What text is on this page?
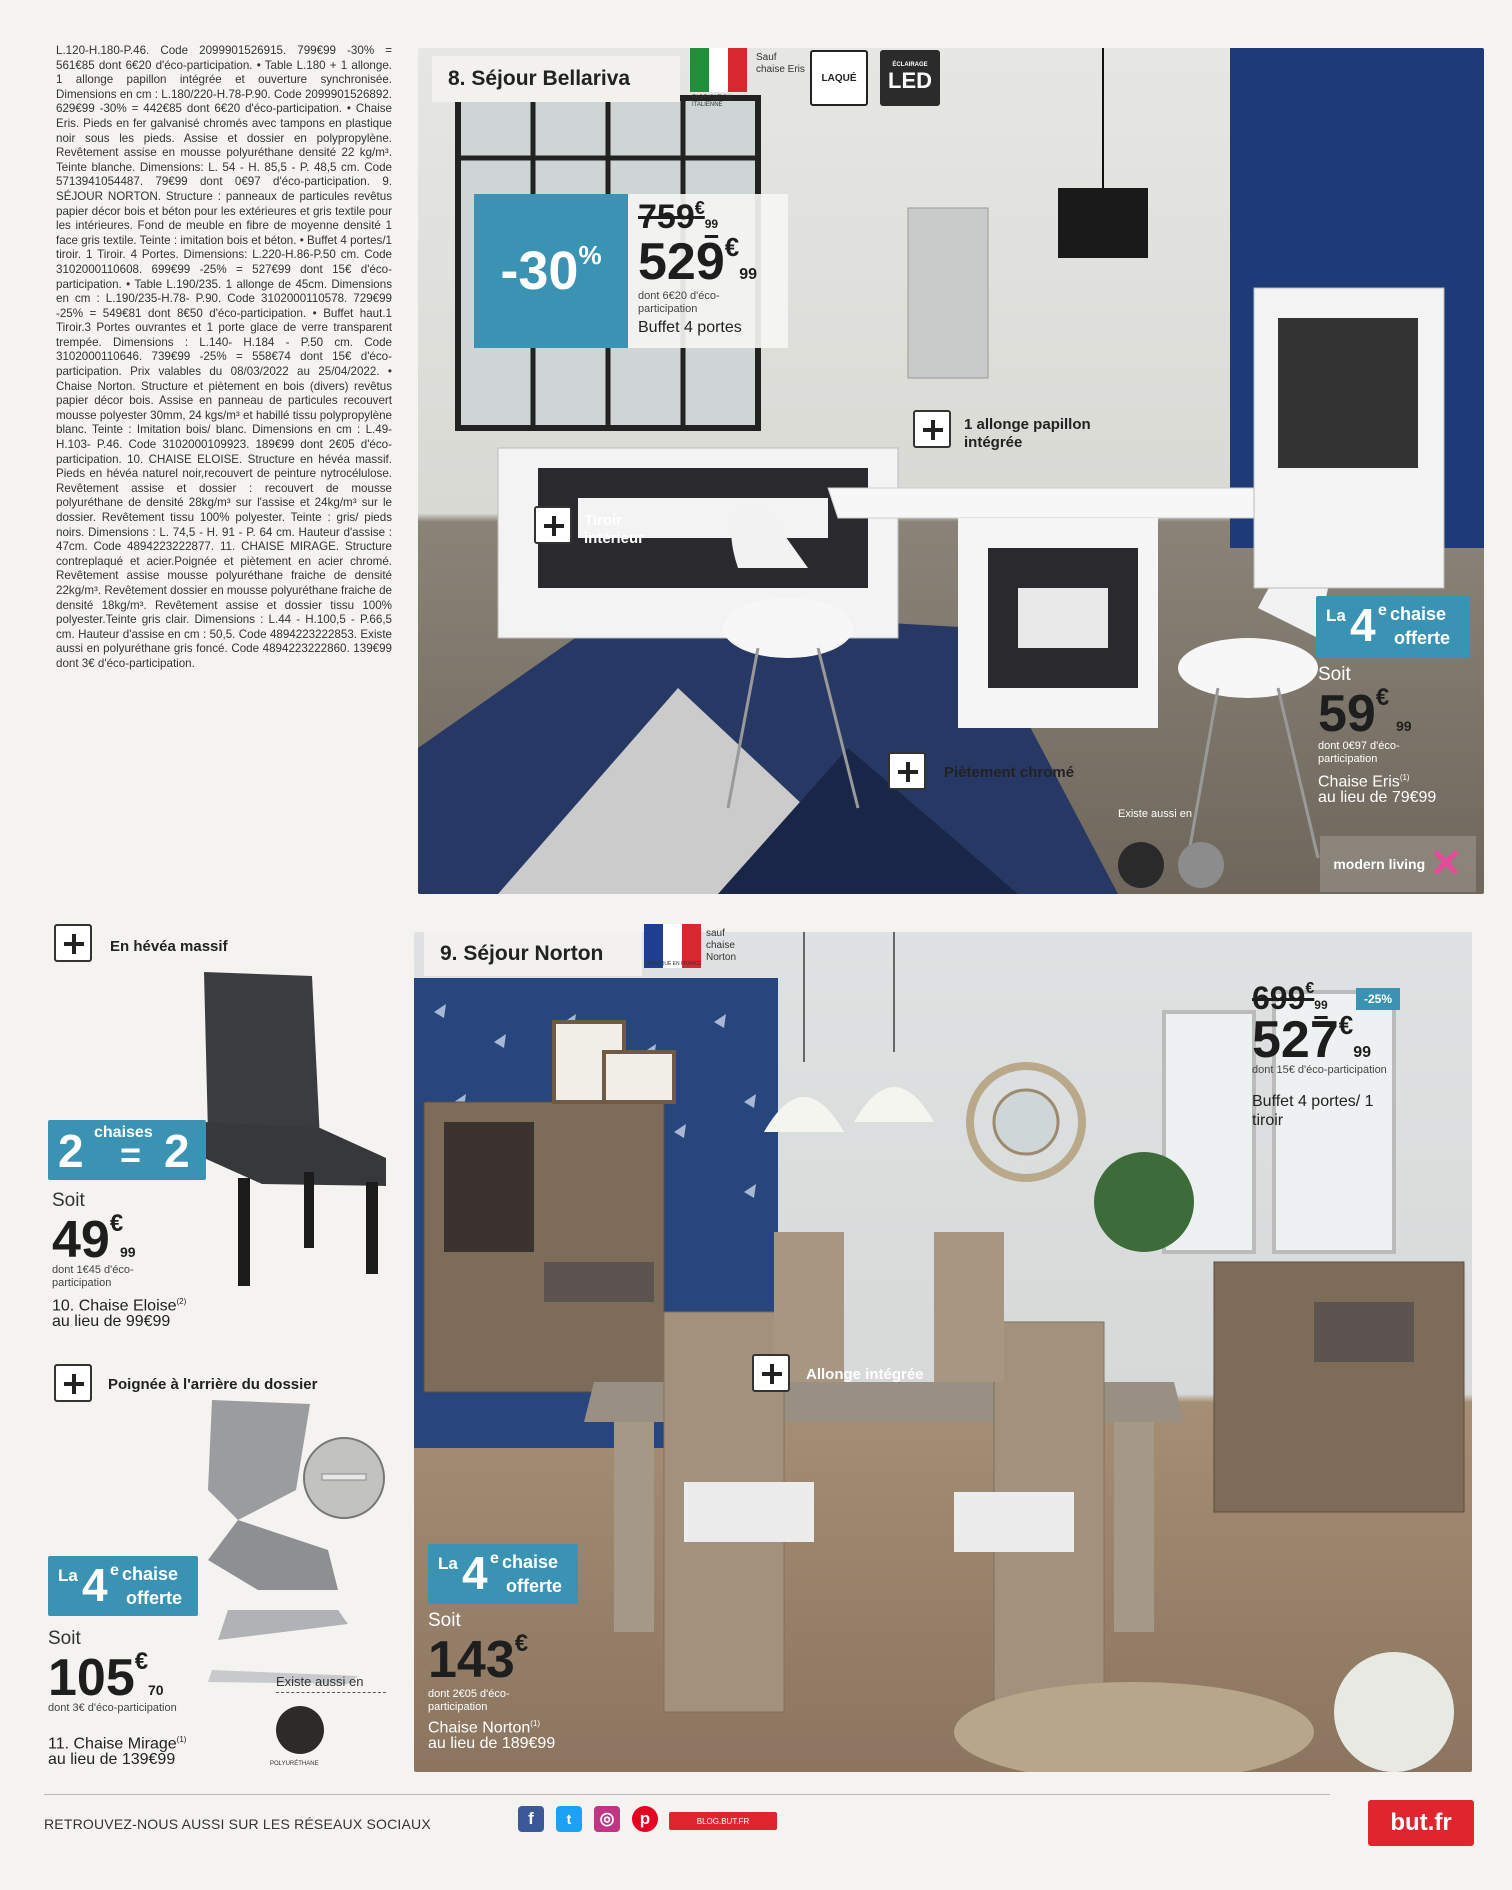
L.120-H.180-P.46. Code 2099901526915. 799€99 -30% = 561€85 dont 6€20 d'éco-participation. • Table L.180 + 1 allonge. 1 allonge papillon intégrée et ouverture synchronisée. Dimensions en cm : L.180/220-H.78-P.90. Code 2099901526892. 629€99 -30% = 442€85 dont 6€20 d'éco-participation. • Chaise Eris. Pieds en fer galvanisé chromés avec tampons en plastique noir sous les pieds. Assise et dossier en polypropylène. Revêtement assise en mousse polyuréthane densité 22 kg/m³. Teinte blanche. Dimensions: L. 54 - H. 85,5 - P. 48,5 cm. Code 5713941054487. 79€99 dont 0€97 d'éco-participation. 9. SÉJOUR NORTON. Structure : panneaux de particules revêtus papier décor bois et béton pour les extérieures et gris textile pour les intérieures. Fond de meuble en fibre de moyenne densité 1 face gris textile. Teinte : imitation bois et béton. • Buffet 4 portes/1 tiroir. 1 Tiroir. 4 Portes. Dimensions: L.220-H.86-P.50 cm. Code 3102000110608. 699€99 -25% = 527€99 dont 15€ d'éco-participation. • Table L.190/235. 1 allonge de 45cm. Dimensions en cm : L.190/235-H.78- P.90. Code 3102000110578. 729€99 -25% = 549€81 dont 8€50 d'éco-participation. • Buffet haut.1 Tiroir.3 Portes ouvrantes et 1 porte glace de verre transparent trempée. Dimensions : L.140- H.184 - P.50 cm. Code 3102000110646. 739€99 -25% = 558€74 dont 15€ d'éco-participation. Prix valables du 08/03/2022 au 25/04/2022. • Chaise Norton. Structure et piètement en bois (divers) revêtus papier décor bois. Assise en panneau de particules recouvert mousse polyester 30mm, 24 kgs/m³ et habillé tissu polypropylène blanc. Teinte : Imitation bois/ blanc. Dimensions en cm : L.49- H.103- P.46. Code 3102000109923. 189€99 dont 2€05 d'éco-participation. 10. CHAISE ELOISE. Structure en hévéa massif. Pieds en hévéa naturel noir,recouvert de peinture nytrocélulose. Revêtement assise et dossier : recouvert de mousse polyuréthane de densité 28kg/m³ sur l'assise et 24kg/m³ sur le dossier. Revêtement tissu 100% polyester. Teinte : gris/ pieds noirs. Dimensions : L. 74,5 - H. 91 - P. 64 cm. Hauteur d'assise : 47cm. Code 4894223222877. 11. CHAISE MIRAGE. Structure contreplaqué et acier.Poignée et piètement en acier chromé. Revêtement assise mousse polyuréthane fraiche de densité 22kg/m³. Revêtement dossier en mousse polyuréthane fraiche de densité 18kg/m³. Revêtement assise et dossier tissu 100% polyester.Teinte gris clair. Dimensions : L.44 - H.100,5 - P.66,5 cm. Hauteur d'assise en cm : 50,5. Code 4894223222853. Existe aussi en polyuréthane gris foncé. Code 4894223222860. 139€99 dont 3€ d'éco-participation.
8. Séjour Bellariva
FABRICATION ITALIENNE
Sauf chaise Eris
LAQUÉ
ÉCLAIRAGE
LED
-30 %
759€99
529€99
dont 6€20 d'éco-participation
Buffet 4 portes
1 allonge papillon intégrée
Tiroir intérieur
Piètement chromé
La 4 e chaise
offerte
Soit
59€
99
dont 0€97 d'éco-participation
Chaise Eris$^{(1)}$
au lieu de 79€99
Existe aussi en
modern living ✕
9. Séjour Norton	FABRIQUÉ EN FRANCE
sauf chaise Norton
699€99	-25%
527€99
dont 15€ d'éco-participation
Buffet 4 portes/ 1 tiroir
Allonge intégrée
La 4 e chaise
offerte
Soit
143€
dont 2€05 d'éco-participation
Chaise Norton$^{(1)}$
au lieu de 189€99
En hévéa massif
2 chaises
= 2
Soit
49€
99
dont 1€45 d'éco-participation
10. Chaise Eloise$^{(2)}$
au lieu de 99€99
Poignée à l'arrière du dossier
La 4 e chaise
offerte
Soit
105€
70
dont 3€ d'éco-participation
11. Chaise Mirage$^{(1)}$
au lieu de 139€99
Existe aussi en
POLYURÉTHANE
RETROUVEZ-NOUS AUSSI SUR LES RÉSEAUX SOCIAUX	f	t	◎	p	BLOG.BUT.FR	but.fr
